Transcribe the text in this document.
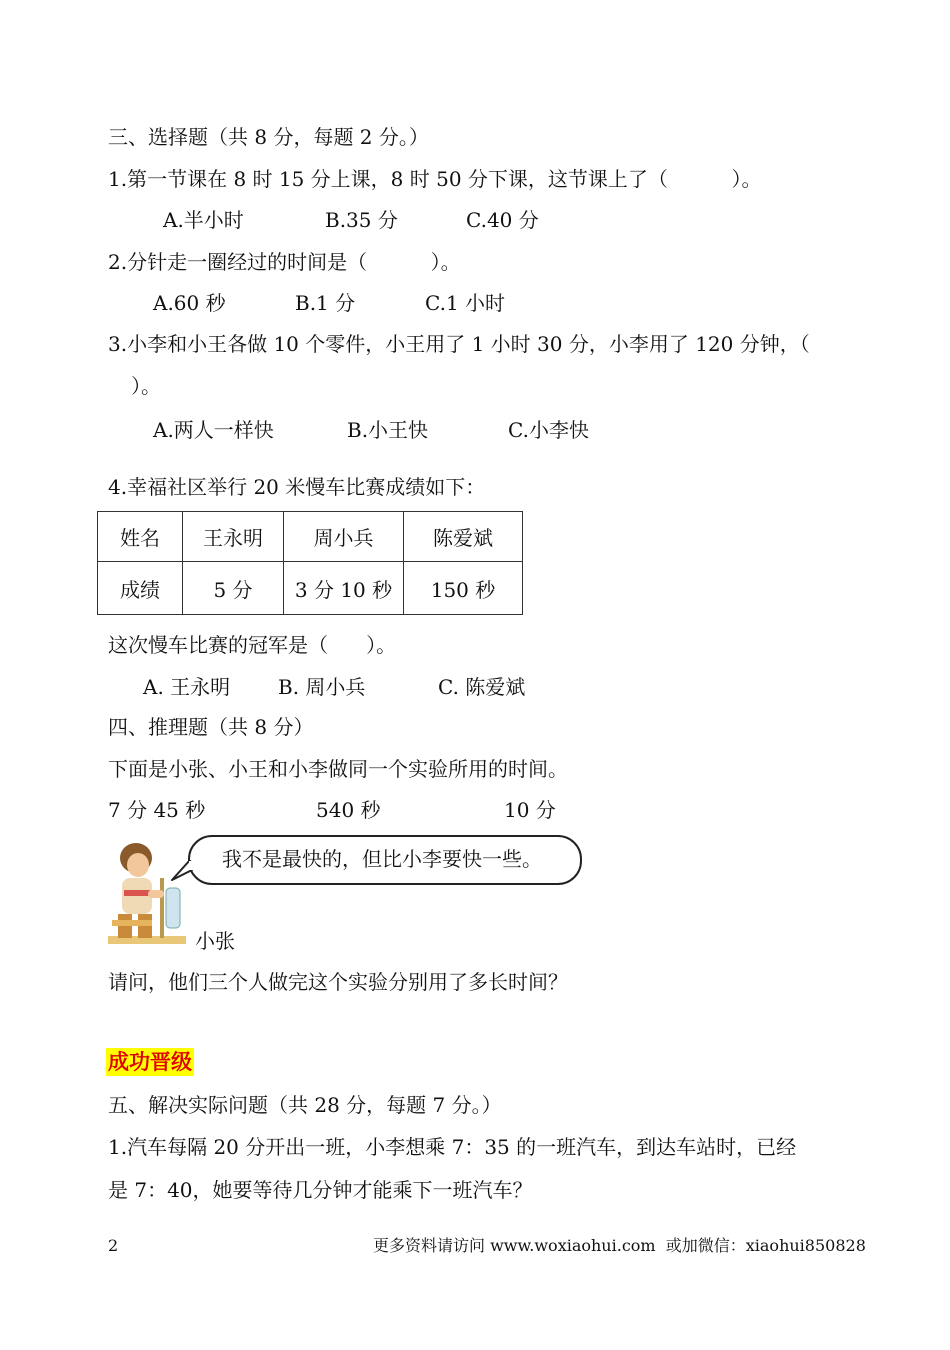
三、选择题（共 8 分，每题 2 分。）
1.第一节课在 8 时 15 分上课，8 时 50 分下课，这节课上了（          ）。
A.半小时	B.35 分	C.40 分
2.分针走一圈经过的时间是（          ）。
A.60 秒	B.1 分	C.1 小时
3.小李和小王各做 10 个零件，小王用了 1 小时 30 分，小李用了 120 分钟，（
）。
A.两人一样快	B.小王快	C.小李快
4.幸福社区举行 20 米慢车比赛成绩如下：
姓名	王永明	周小兵	陈爱斌
成绩	5 分	3 分 10 秒	150 秒
这次慢车比赛的冠军是（      ）。
A. 王永明 B. 周小兵	C. 陈爱斌
四、推理题（共 8 分）
下面是小张、小王和小李做同一个实验所用的时间。
7 分 45 秒	540 秒	10 分
我不是最快的，但比小李要快一些。
小张
请问，他们三个人做完这个实验分别用了多长时间？
成功晋级
五、解决实际问题（共 28 分，每题 7 分。）
1.汽车每隔 20 分开出一班，小李想乘 7：35 的一班汽车，到达车站时，已经
是 7：40，她要等待几分钟才能乘下一班汽车？
2	更多资料请访问 www.woxiaohui.com  或加微信：xiaohui850828
